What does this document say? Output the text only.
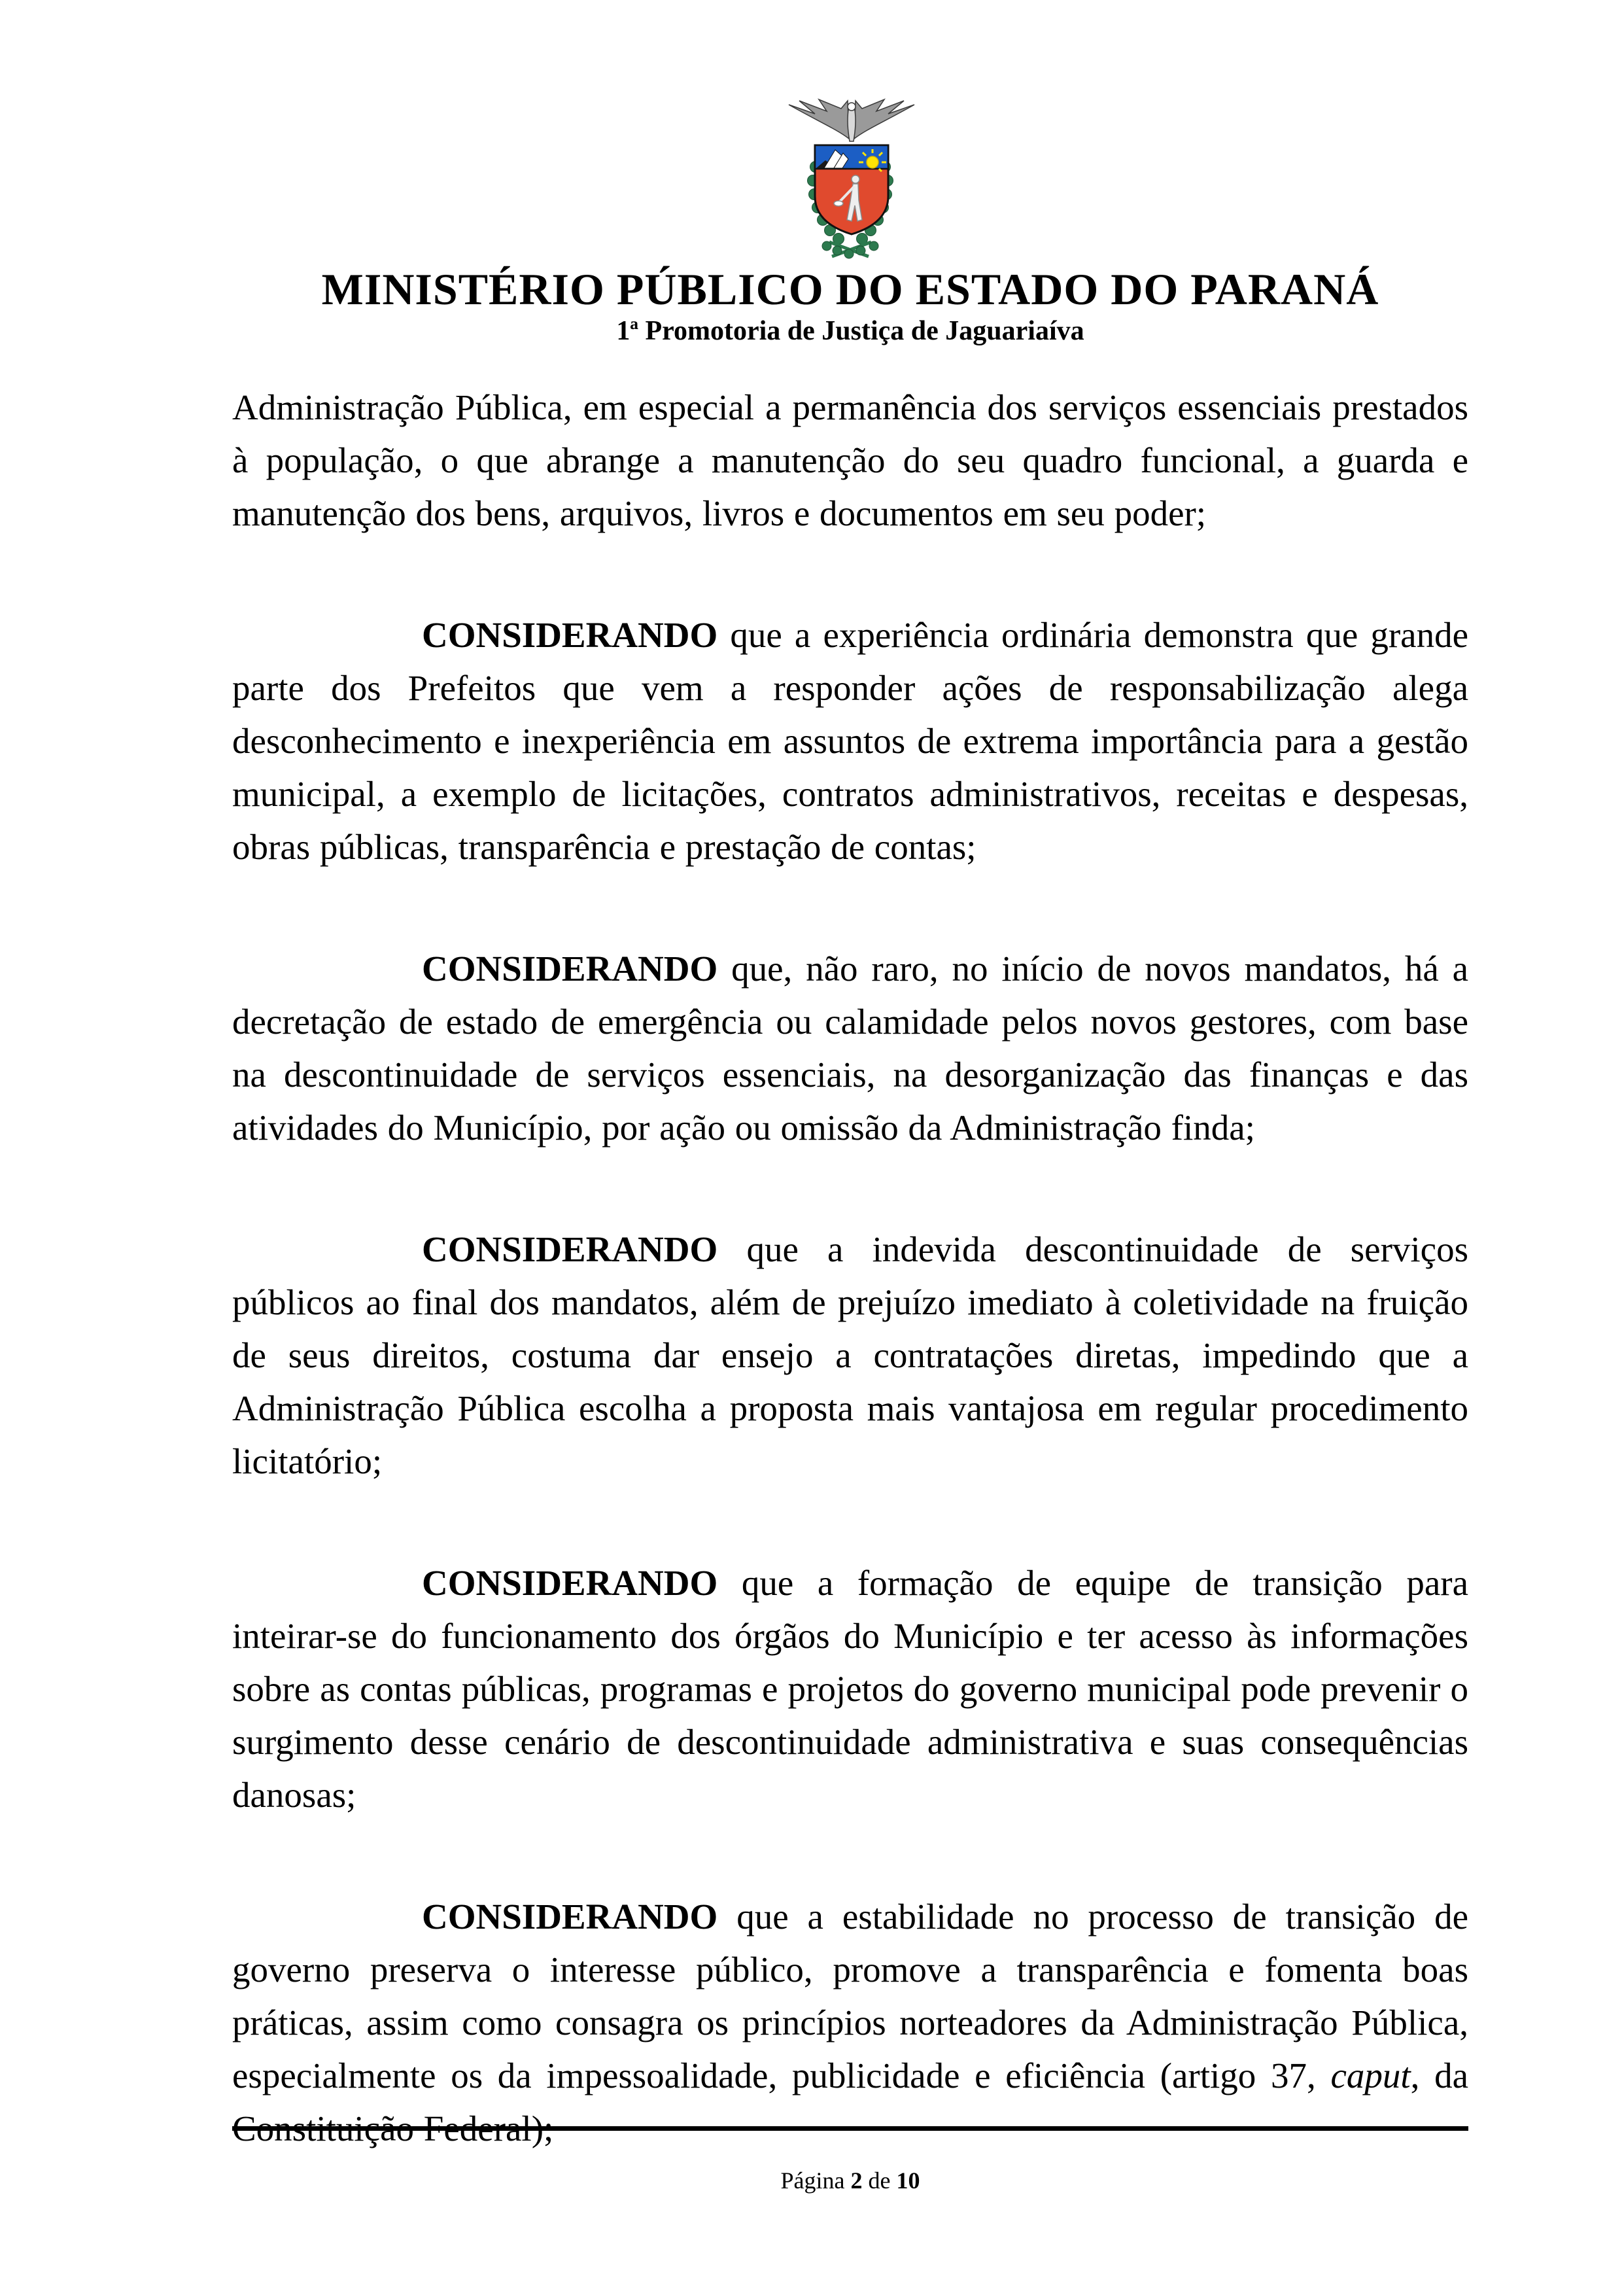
MINISTÉRIO PÚBLICO DO ESTADO DO PARANÁ
1ª Promotoria de Justiça de Jaguariaíva

Administração Pública, em especial a permanência dos serviços essenciais prestados à população, o que abrange a manutenção do seu quadro funcional, a guarda e manutenção dos bens, arquivos, livros e documentos em seu poder;

CONSIDERANDO que a experiência ordinária demonstra que grande parte dos Prefeitos que vem a responder ações de responsabilização alega desconhecimento e inexperiência em assuntos de extrema importância para a gestão municipal, a exemplo de licitações, contratos administrativos, receitas e despesas, obras públicas, transparência e prestação de contas;

CONSIDERANDO que, não raro, no início de novos mandatos, há a decretação de estado de emergência ou calamidade pelos novos gestores, com base na descontinuidade de serviços essenciais, na desorganização das finanças e das atividades do Município, por ação ou omissão da Administração finda;

CONSIDERANDO que a indevida descontinuidade de serviços públicos ao final dos mandatos, além de prejuízo imediato à coletividade na fruição de seus direitos, costuma dar ensejo a contratações diretas, impedindo que a Administração Pública escolha a proposta mais vantajosa em regular procedimento licitatório;

CONSIDERANDO que a formação de equipe de transição para inteirar-se do funcionamento dos órgãos do Município e ter acesso às informações sobre as contas públicas, programas e projetos do governo municipal pode prevenir o surgimento desse cenário de descontinuidade administrativa e suas consequências danosas;

CONSIDERANDO que a estabilidade no processo de transição de governo preserva o interesse público, promove a transparência e fomenta boas práticas, assim como consagra os princípios norteadores da Administração Pública, especialmente os da impessoalidade, publicidade e eficiência (artigo 37, caput, da Constituição Federal);

Página 2 de 10
